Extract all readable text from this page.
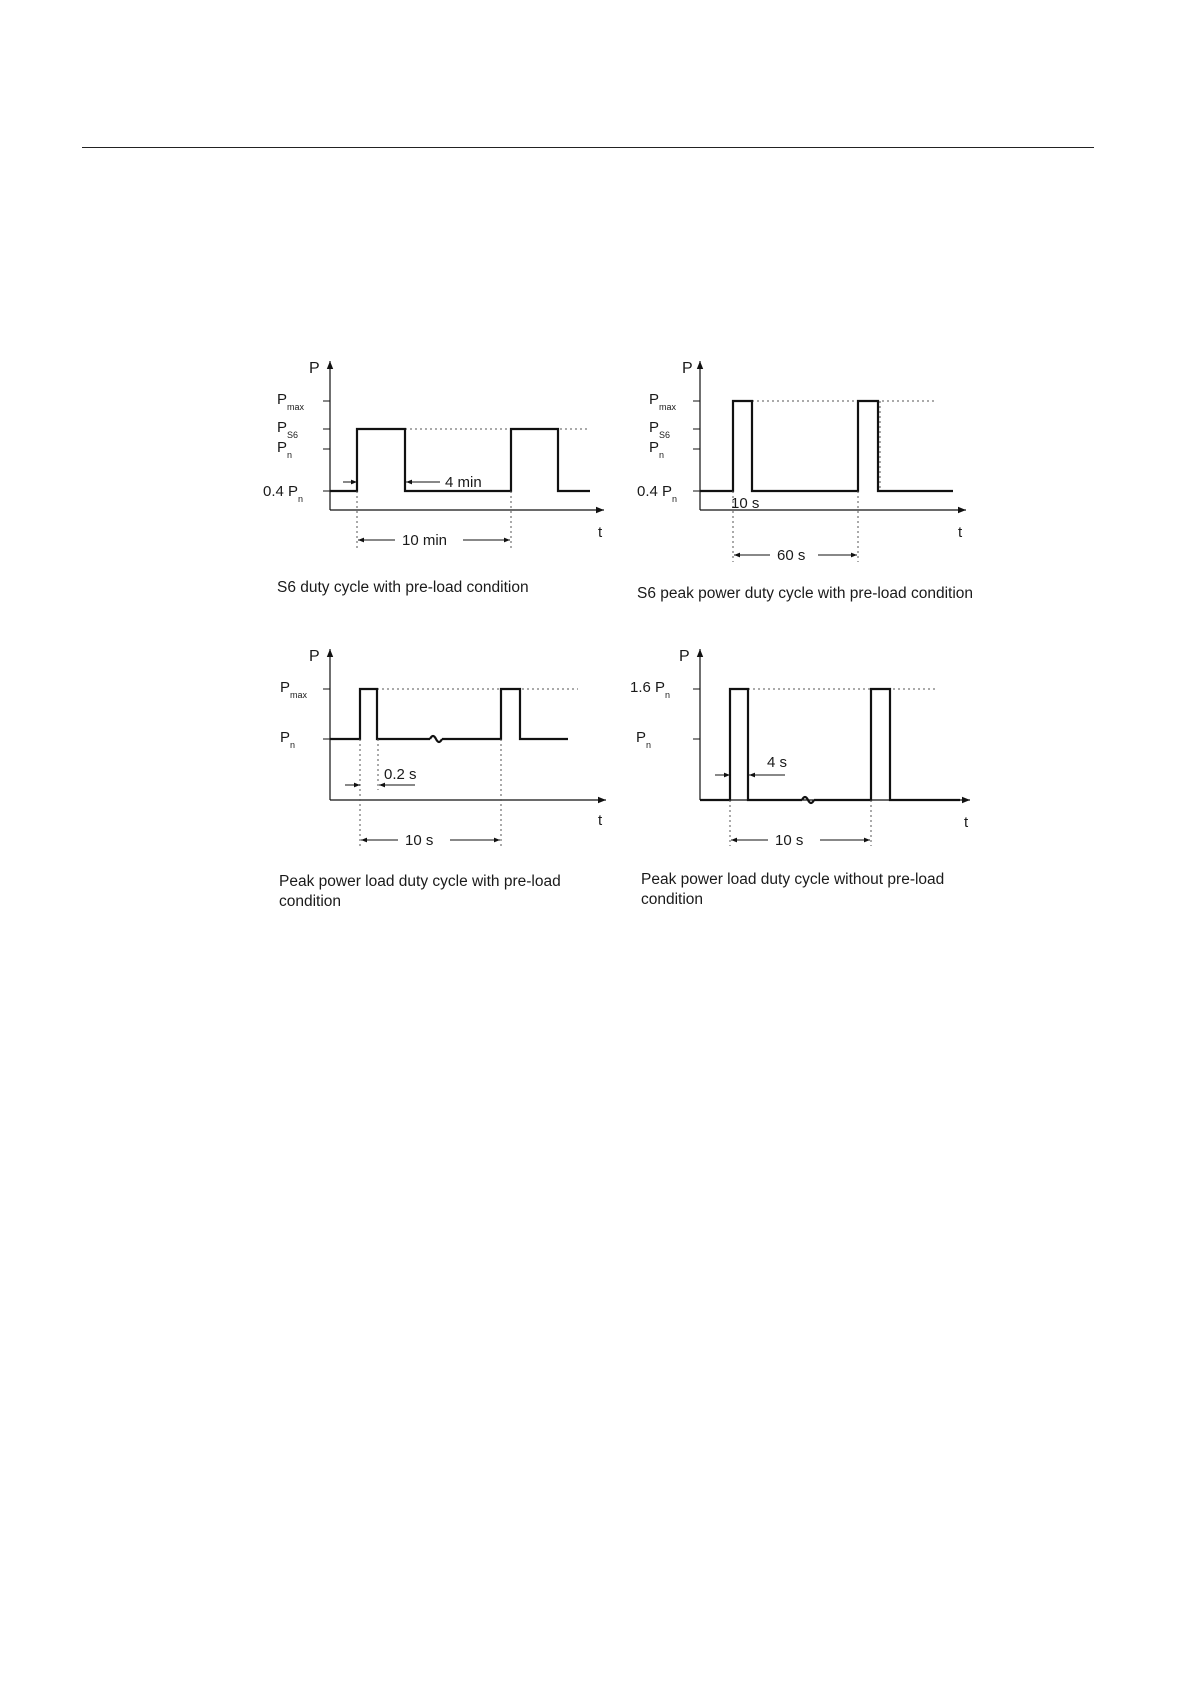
P
t
$P_{max}$
$P_{S6}$
$P_n$
0.4 $P_n$
4 min
10 min
S6 duty cycle with pre-load condition
P
t
$P_{max}$
$P_{S6}$
$P_n$
0.4 $P_n$	10 s
60 s
S6 peak power duty cycle with pre-load condition
P
t
$P_{max}$
$P_n$
0.2 s
10 s
Peak power load duty cycle with pre-load
condition
P
t
1.6 $P_n$
$P_n$
4 s
10 s
Peak power load duty cycle without pre-load
condition
